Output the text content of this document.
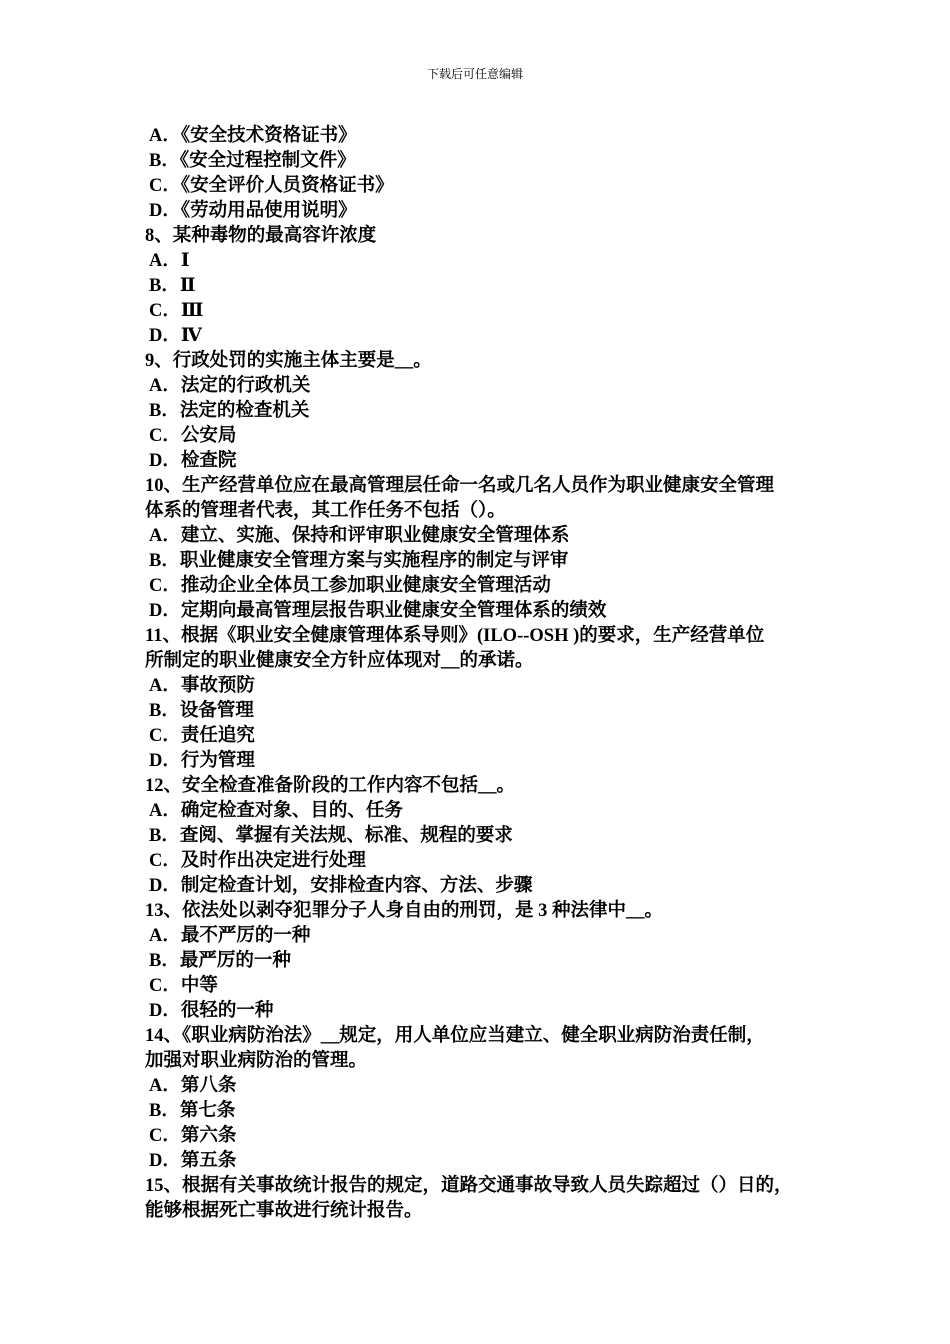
下载后可任意编辑
A．《安全技术资格证书》
B．《安全过程控制文件》
C．《安全评价人员资格证书》
D．《劳动用品使用说明》
8、某种毒物的最高容许浓度
A．Ⅰ
B．Ⅱ
C．Ⅲ
D．Ⅳ
9、行政处罚的实施主体主要是__。
A．法定的行政机关
B．法定的检查机关
C．公安局
D．检查院
10、生产经营单位应在最高管理层任命一名或几名人员作为职业健康安全管理
体系的管理者代表，其工作任务不包括（）。
A．建立、实施、保持和评审职业健康安全管理体系
B．职业健康安全管理方案与实施程序的制定与评审
C．推动企业全体员工参加职业健康安全管理活动
D．定期向最高管理层报告职业健康安全管理体系的绩效
11、根据《职业安全健康管理体系导则》(ILO--OSH )的要求，生产经营单位
所制定的职业健康安全方针应体现对__的承诺。
A．事故预防
B．设备管理
C．责任追究
D．行为管理
12、安全检查准备阶段的工作内容不包括__。
A．确定检查对象、目的、任务
B．查阅、掌握有关法规、标准、规程的要求
C．及时作出决定进行处理
D．制定检查计划，安排检查内容、方法、步骤
13、依法处以剥夺犯罪分子人身自由的刑罚，是 3 种法律中__。
A．最不严厉的一种
B．最严厉的一种
C．中等
D．很轻的一种
14、《职业病防治法》__规定，用人单位应当建立、健全职业病防治责任制，
加强对职业病防治的管理。
A．第八条
B．第七条
C．第六条
D．第五条
15、根据有关事故统计报告的规定，道路交通事故导致人员失踪超过（）日的，
能够根据死亡事故进行统计报告。
